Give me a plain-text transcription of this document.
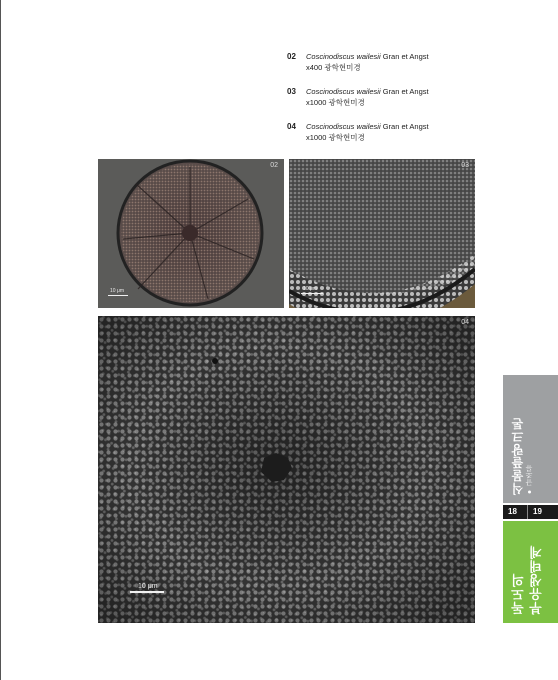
02	Coscinodiscus wailesii Gran et Angst
x400 광학현미경
03	Coscinodiscus wailesii Gran et Angst
x1000 광학현미경
04	Coscinodiscus wailesii Gran et Angst
x1000 광학현미경
02
10 μm
03
10 μm
04
10 μm
식물플랑크톤 ● 규조류
18 19
독도의 부유생태계
